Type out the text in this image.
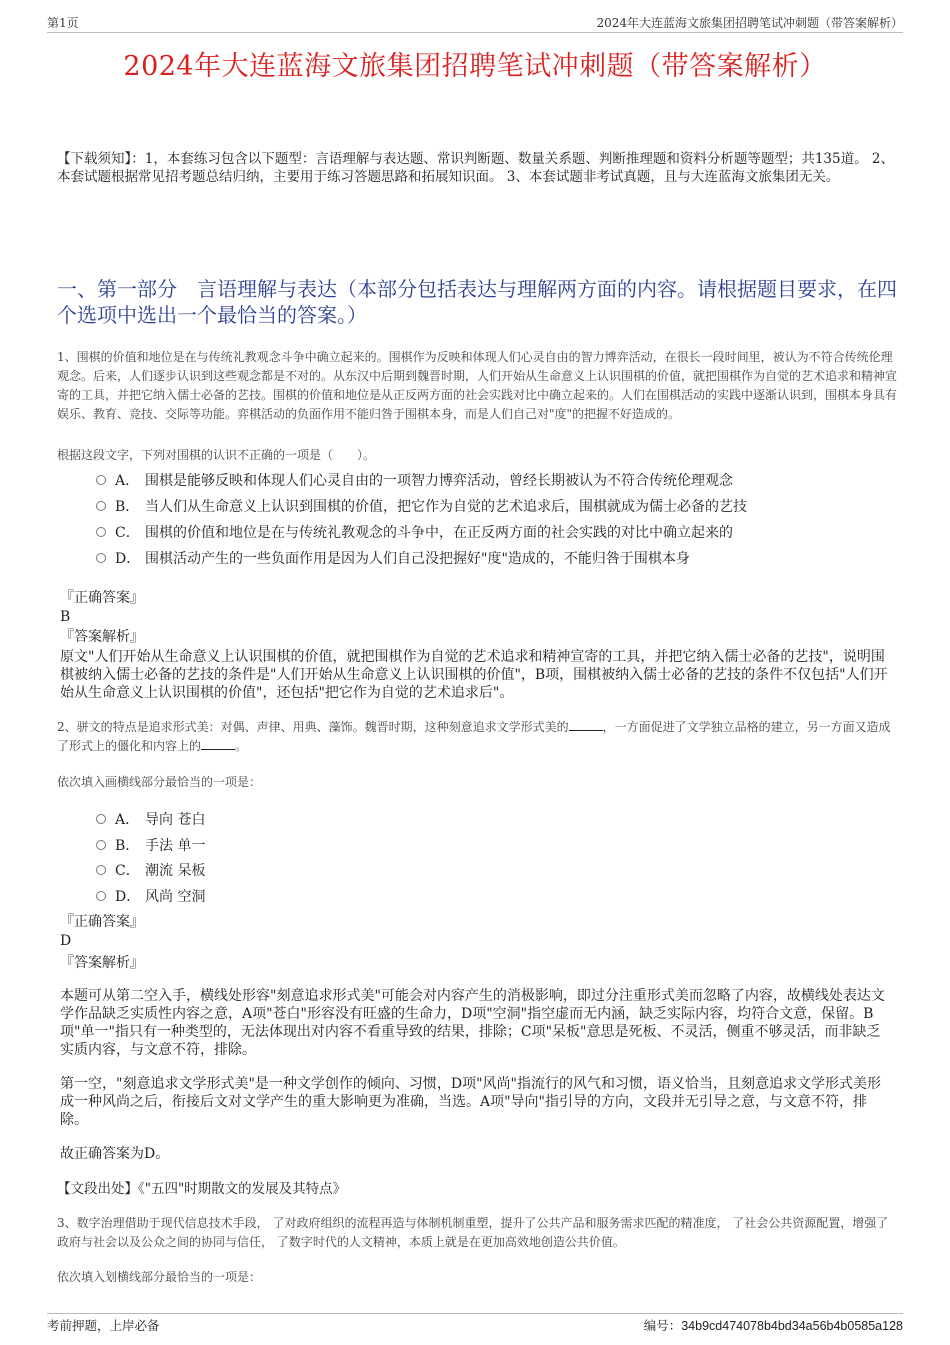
第1页	2024年大连蓝海文旅集团招聘笔试冲刺题（带答案解析）
2024年大连蓝海文旅集团招聘笔试冲刺题（带答案解析）
【下载须知】：1，本套练习包含以下题型：言语理解与表达题、常识判断题、数量关系题、判断推理题和资料分析题等题型；共135道。 2、本套试题根据常见招考题总结归纳，主要用于练习答题思路和拓展知识面。 3、本套试题非考试真题，且与大连蓝海文旅集团无关。
一、第一部分　言语理解与表达（本部分包括表达与理解两方面的内容。请根据题目要求，在四个选项中选出一个最恰当的答案。）
1、围棋的价值和地位是在与传统礼教观念斗争中确立起来的。围棋作为反映和体现人们心灵自由的智力博弈活动，在很长一段时间里，被认为不符合传统伦理观念。后来，人们逐步认识到这些观念都是不对的。从东汉中后期到魏晋时期，人们开始从生命意义上认识围棋的价值，就把围棋作为自觉的艺术追求和精神宣寄的工具，并把它纳入儒士必备的艺技。围棋的价值和地位是从正反两方面的社会实践对比中确立起来的。人们在围棋活动的实践中逐渐认识到，围棋本身具有娱乐、教育、竞技、交际等功能。弈棋活动的负面作用不能归咎于围棋本身，而是人们自己对"度"的把握不好造成的。
根据这段文字，下列对围棋的认识不正确的一项是（　　）。
A． 围棋是能够反映和体现人们心灵自由的一项智力博弈活动，曾经长期被认为不符合传统伦理观念
B． 当人们从生命意义上认识到围棋的价值，把它作为自觉的艺术追求后，围棋就成为儒士必备的艺技
C． 围棋的价值和地位是在与传统礼教观念的斗争中，在正反两方面的社会实践的对比中确立起来的
D． 围棋活动产生的一些负面作用是因为人们自己没把握好"度"造成的，不能归咎于围棋本身
『正确答案』
B
『答案解析』
原文"人们开始从生命意义上认识围棋的价值，就把围棋作为自觉的艺术追求和精神宣寄的工具，并把它纳入儒士必备的艺技"，说明围棋被纳入儒士必备的艺技的条件是"人们开始从生命意义上认识围棋的价值"，B项，围棋被纳入儒士必备的艺技的条件不仅包括"人们开始从生命意义上认识围棋的价值"，还包括"把它作为自觉的艺术追求后"。
2、骈文的特点是追求形式美：对偶、声律、用典、藻饰。魏晋时期，这种刻意追求文学形式美的	，一方面促进了文学独立品格的建立，另一方面又造成了形式上的僵化和内容上的	。
依次填入画横线部分最恰当的一项是：
A． 导向 苍白
B． 手法 单一
C． 潮流 呆板
D． 风尚 空洞
『正确答案』
D
『答案解析』
本题可从第二空入手，横线处形容"刻意追求形式美"可能会对内容产生的消极影响，即过分注重形式美而忽略了内容，故横线处表达文学作品缺乏实质性内容之意，A项"苍白"形容没有旺盛的生命力，D项"空洞"指空虚而无内涵，缺乏实际内容，均符合文意，保留。B项"单一"指只有一种类型的，无法体现出对内容不看重导致的结果，排除；C项"呆板"意思是死板、不灵活，侧重不够灵活，而非缺乏实质内容，与文意不符，排除。
第一空，"刻意追求文学形式美"是一种文学创作的倾向、习惯，D项"风尚"指流行的风气和习惯，语义恰当，且刻意追求文学形式美形成一种风尚之后，衔接后文对文学产生的重大影响更为准确，当选。A项"导向"指引导的方向，文段并无引导之意，与文意不符，排除。
故正确答案为D。
【文段出处】《"五四"时期散文的发展及其特点》
3、数字治理借助于现代信息技术手段， 了对政府组织的流程再造与体制机制重塑，提升了公共产品和服务需求匹配的精准度， 了社会公共资源配置，增强了政府与社会以及公众之间的协同与信任， 了数字时代的人文精神，本质上就是在更加高效地创造公共价值。
依次填入划横线部分最恰当的一项是：
考前押题，上岸必备	编号：34b9cd474078b4bd34a56b4b0585a128
